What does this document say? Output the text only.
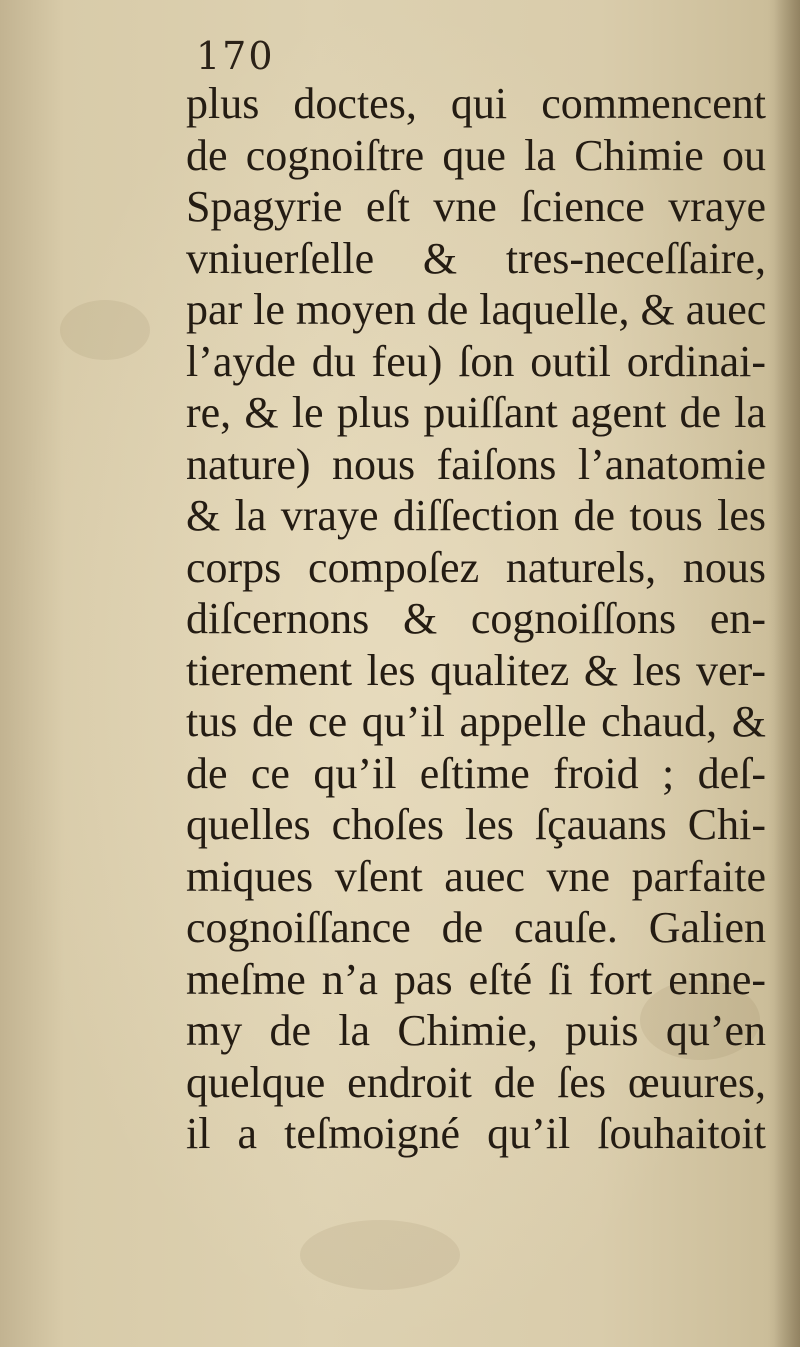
170
plus doctes, qui commencent
de cognoiſtre que la Chimie ou
Spagyrie eſt vne ſcience vraye
vniuerſelle & tres-neceſſaire,
par le moyen de laquelle, & auec
l’ayde du feu) ſon outil ordinai-
re, & le plus puiſſant agent de la
nature) nous faiſons l’anatomie
& la vraye diſſection de tous les
corps compoſez naturels, nous
diſcernons & cognoiſſons en-
tierement les qualitez & les ver-
tus de ce qu’il appelle chaud, &
de ce qu’il eſtime froid ; deſ-
quelles choſes les ſçauans Chi-
miques vſent auec vne parfaite
cognoiſſance de cauſe. Galien
meſme n’a pas eſté ſi fort enne-
my de la Chimie, puis qu’en
quelque endroit de ſes œuures,
il a teſmoigné qu’il ſouhaitoit
